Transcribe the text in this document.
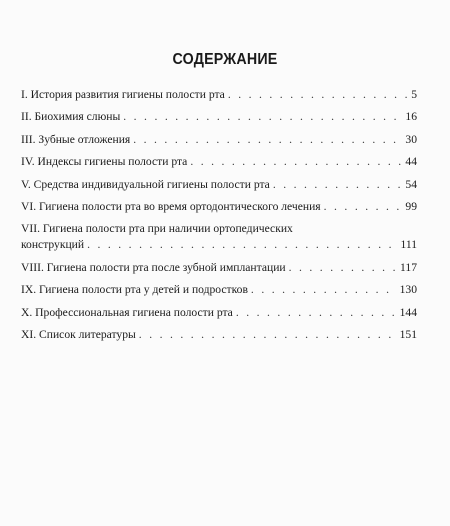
СОДЕРЖАНИЕ
I. История развития гигиены полости рта . . .	5
II. Биохимия слюны . . .	16
III. Зубные отложения . . .	30
IV. Индексы гигиены полости рта . . .	44
V. Средства индивидуальной гигиены полости рта . . .	54
VI. Гигиена полости рта во время ортодонтического лечения . . .	99
VII. Гигиена полости рта при наличии ортопедических
конструкций . . .	111
VIII. Гигиена полости рта после зубной имплантации . . .	117
IX. Гигиена полости рта у детей и подростков . . .	130
X. Профессиональная гигиена полости рта . . .	144
XI. Список литературы . . .	151
